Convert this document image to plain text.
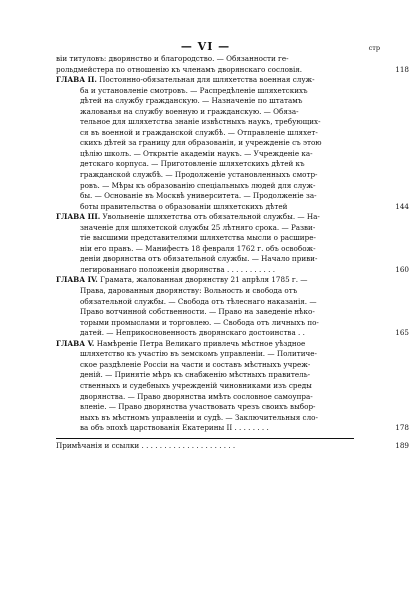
— VI —	стр
віи титуловъ: дворянство и благородство. — Обязанности ге-
рольдмейстера по отношенію къ членамъ дворянскаго сословія.	118
ГЛАВА II. Постоянно-обязательная для шляхетства военная служ-
ба и установленіе смотровъ. — Распредѣленіе шляхетскихъ
дѣтей на службу гражданскую. — Назначеніе по штатамъ
жалованья на службу военную и гражданскую. — Обяза-
тельное для шляхетства знаніе извѣстныхъ наукъ, требующих-
ся въ военной и гражданской службѣ. — Отправленіе шляхет-
скихъ дѣтей за границу для образованія, и учрежденіе съ этою
цѣлію школъ. — Открытіе академіи наукъ. — Учрежденіе ка-
детскаго корпуса. — Приготовленіе шляхетскихъ дѣтей къ
гражданской службѣ. — Продолженіе установленныхъ смотр-
ровъ. — Мѣры къ образованію спеціальныхъ людей для служ-
бы. — Основаніе въ Москвѣ университета. — Продолженіе за-
боты правительства о образованіи шляхетскихъ дѣтей	144
ГЛАВА III. Увольненіе шляхетства отъ обязательной службы. — На-
значеніе для шляхетской службы 25 лѣтняго срока. — Разви-
тіе высшими представителями шляхетства мысли о расшире-
ніи его правъ. — Манифестъ 18 февраля 1762 г. объ освобож-
деніи дворянства отъ обязательной службы. — Начало приви-
легированнаго положенія дворянства . . . . . . . . . . .	160
ГЛАВА IV. Грамата, жалованная дворянству 21 апрѣля 1785 г. —
Права, дарованныя дворянству: Вольность и свобода отъ
обязательной службы. — Свобода отъ тѣлеснаго наказанія. —
Право вотчинной собственности. — Право на заведеніе нѣко-
торыми промыслами и торговлею. — Свобода отъ личныхъ по-
датей. — Неприкосновенность дворянскаго достоинства . .	165
ГЛАВА V. Намѣреніе Петра Великаго привлечь мѣстное уѣздное
шляхетство къ участію въ земскомъ управленіи. — Политиче-
ское раздѣленіе Россіи на части и составъ мѣстныхъ учреж-
деній. — Принятіе мѣръ къ снабженію мѣстныхъ правитель-
ственныхъ и судебныхъ учрежденій чиновниками изъ среды
дворянства. — Право дворянства имѣть сословное самоупра-
вленіе. — Право дворянства участвовать чрезъ своихъ выбор-
ныхъ въ мѣстномъ управленіи и судѣ. — Заключительныя сло-
ва объ эпохѣ царствованія Екатерины II . . . . . . . .	178
Примѣчанія и ссылки . . . . . . . . . . . . . . . . . . . . .	189
